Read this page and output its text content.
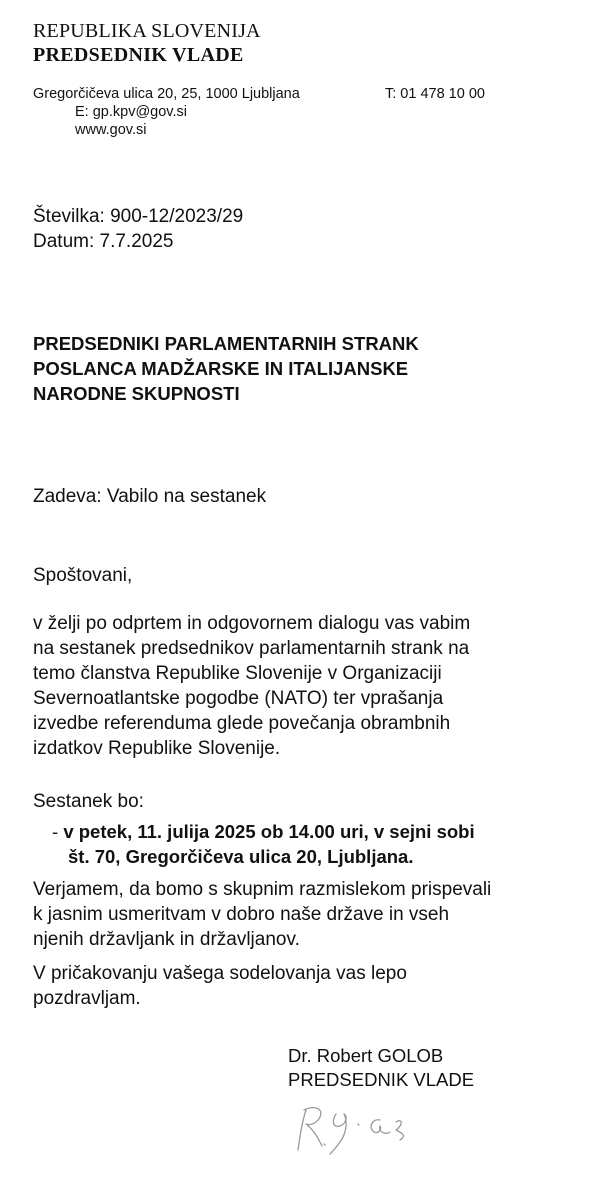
REPUBLIKA SLOVENIJA
PREDSEDNIK VLADE
Gregorčičeva ulica 20, 25, 1000 Ljubljana	T: 01 478 10 00
E: gp.kpv@gov.si
www.gov.si
Številka: 900-12/2023/29
Datum: 7.7.2025
PREDSEDNIKI PARLAMENTARNIH STRANK
POSLANCA MADŽARSKE IN ITALIJANSKE
NARODNE SKUPNOSTI
Zadeva: Vabilo na sestanek
Spoštovani,
v želji po odprtem in odgovornem dialogu vas vabim
na sestanek predsednikov parlamentarnih strank na
temo članstva Republike Slovenije v Organizaciji
Severnoatlantske pogodbe (NATO) ter vprašanja
izvedbe referenduma glede povečanja obrambnih
izdatkov Republike Slovenije.
Sestanek bo:
- v petek, 11. julija 2025 ob 14.00 uri, v sejni sobi
št. 70, Gregorčičeva ulica 20, Ljubljana.
Verjamem, da bomo s skupnim razmislekom prispevali
k jasnim usmeritvam v dobro naše države in vseh
njenih državljank in državljanov.
V pričakovanju vašega sodelovanja vas lepo
pozdravljam.
Dr. Robert GOLOB
PREDSEDNIK VLADE
